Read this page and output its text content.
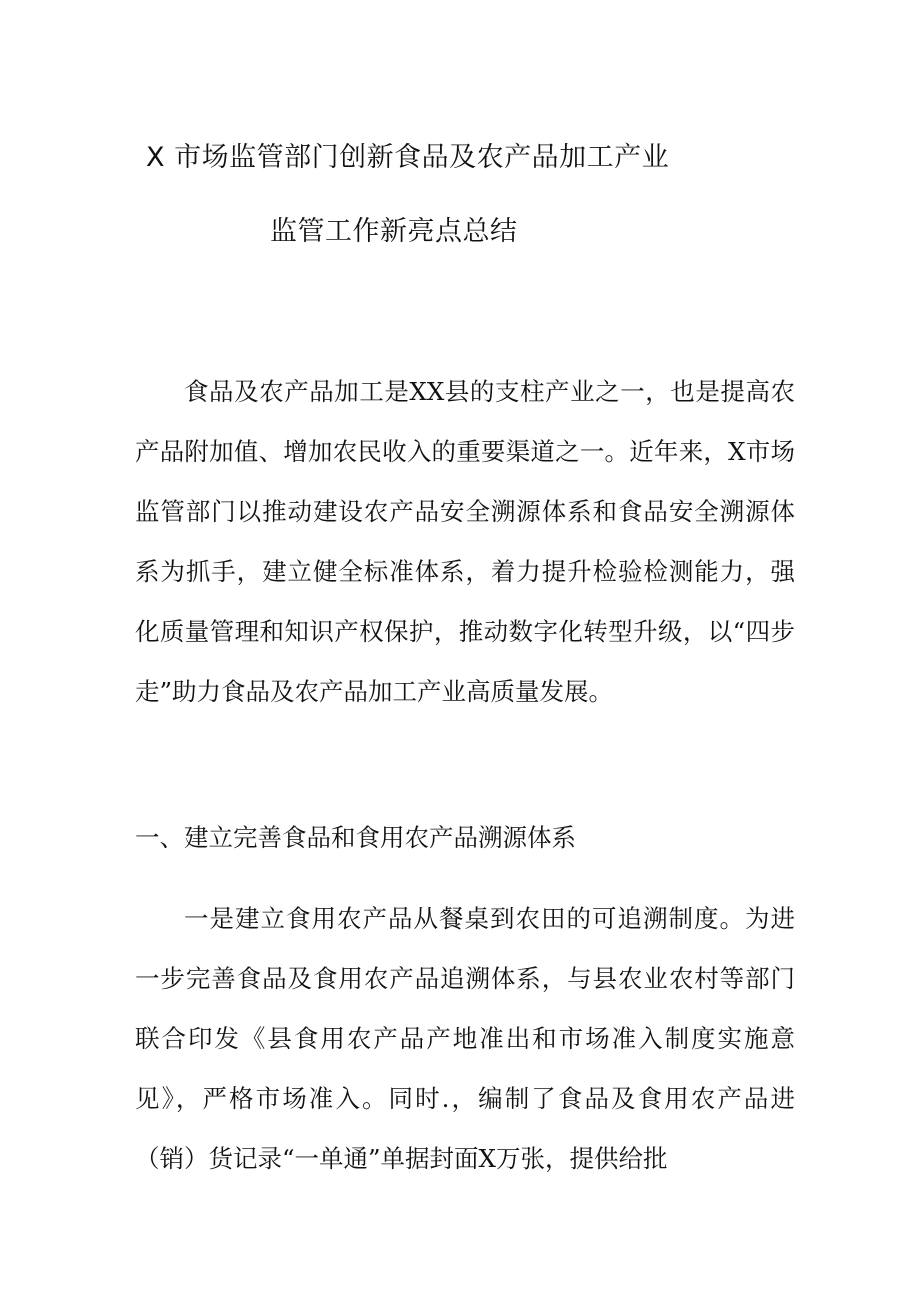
X 市场监管部门创新食品及农产品加工产业
监管工作新亮点总结

食品及农产品加工是XX县的支柱产业之一，也是提高农产品附加值、增加农民收入的重要渠道之一。近年来，X市场监管部门以推动建设农产品安全溯源体系和食品安全溯源体系为抓手，建立健全标准体系，着力提升检验检测能力，强化质量管理和知识产权保护，推动数字化转型升级，以“四步走”助力食品及农产品加工产业高质量发展。

一、建立完善食品和食用农产品溯源体系

一是建立食用农产品从餐桌到农田的可追溯制度。为进一步完善食品及食用农产品追溯体系，与县农业农村等部门联合印发《县食用农产品产地准出和市场准入制度实施意见》，严格市场准入。同时.，编制了食品及食用农产品进（销）货记录“一单通”单据封面X万张，提供给批
